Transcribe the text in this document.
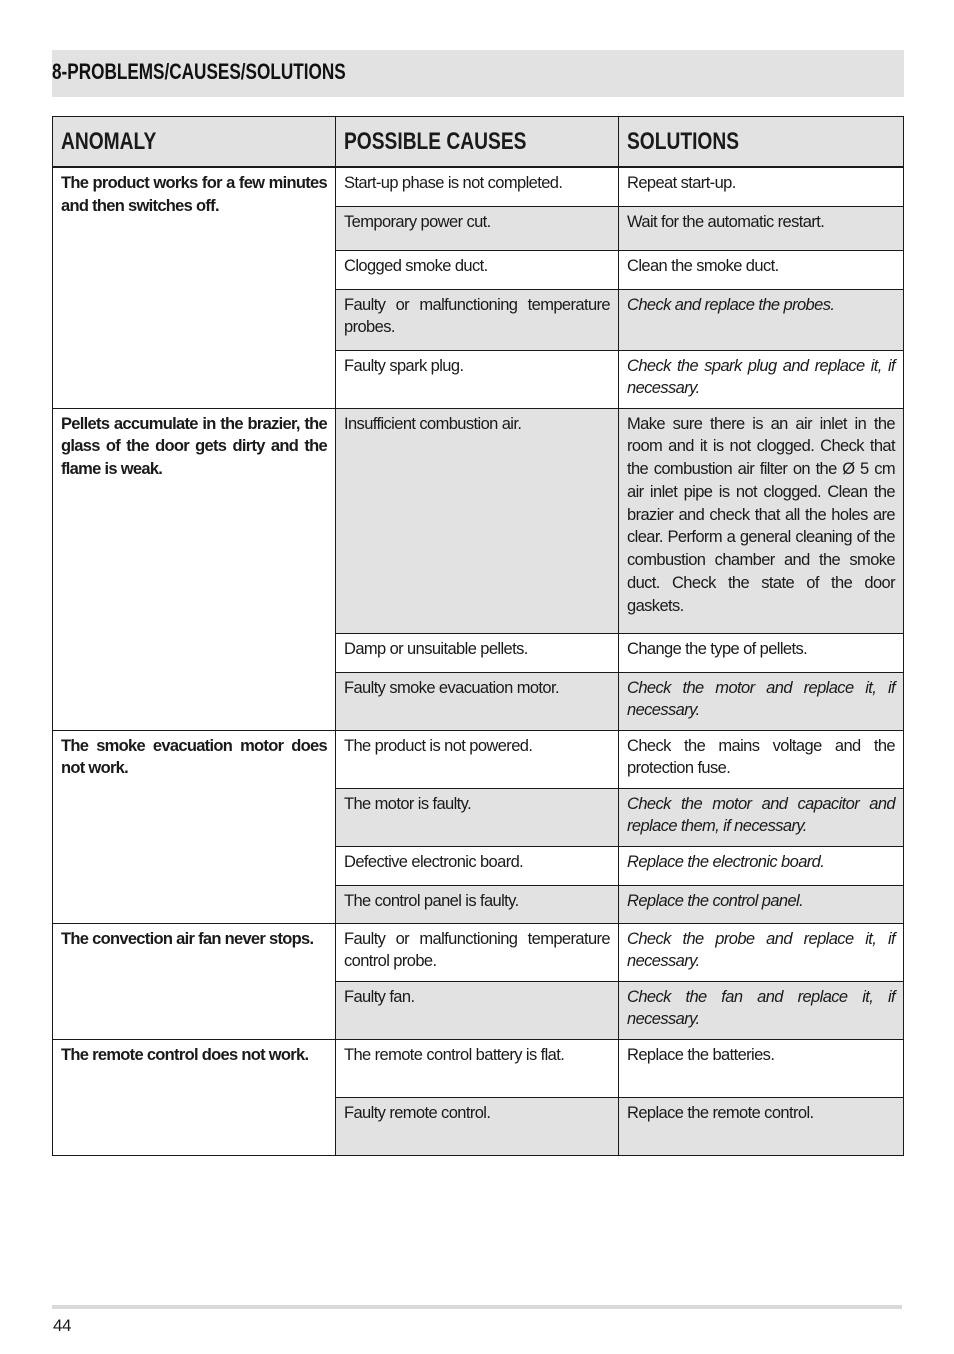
8-PROBLEMS/CAUSES/SOLUTIONS
ANOMALY	POSSIBLE CAUSES	SOLUTIONS

The product works for a few minutes and then switches off.	Start-up phase is not completed.	Repeat start-up.
	Temporary power cut.	Wait for the automatic restart.
	Clogged smoke duct.	Clean the smoke duct.
	Faulty or malfunctioning temperature probes.	Check and replace the probes.
	Faulty spark plug.	Check the spark plug and replace it, if necessary.
Pellets accumulate in the brazier, the glass of the door gets dirty and the flame is weak.	Insufficient combustion air.	Make sure there is an air inlet in the room and it is not clogged. Check that the combustion air filter on the Ø 5 cm air inlet pipe is not clogged. Clean the brazier and check that all the holes are clear. Perform a general cleaning of the combustion chamber and the smoke duct. Check the state of the door gaskets.
	Damp or unsuitable pellets.	Change the type of pellets.
	Faulty smoke evacuation motor.	Check the motor and replace it, if necessary.
The smoke evacuation motor does not work.	The product is not powered.	Check the mains voltage and the protection fuse.
	The motor is faulty.	Check the motor and capacitor and replace them, if necessary.
	Defective electronic board.	Replace the electronic board.
	The control panel is faulty.	Replace the control panel.
The convection air fan never stops.	Faulty or malfunctioning temperature control probe.	Check the probe and replace it, if necessary.
	Faulty fan.	Check the fan and replace it, if necessary.
The remote control does not work.	The remote control battery is flat.	Replace the batteries.
	Faulty remote control.	Replace the remote control.
44
